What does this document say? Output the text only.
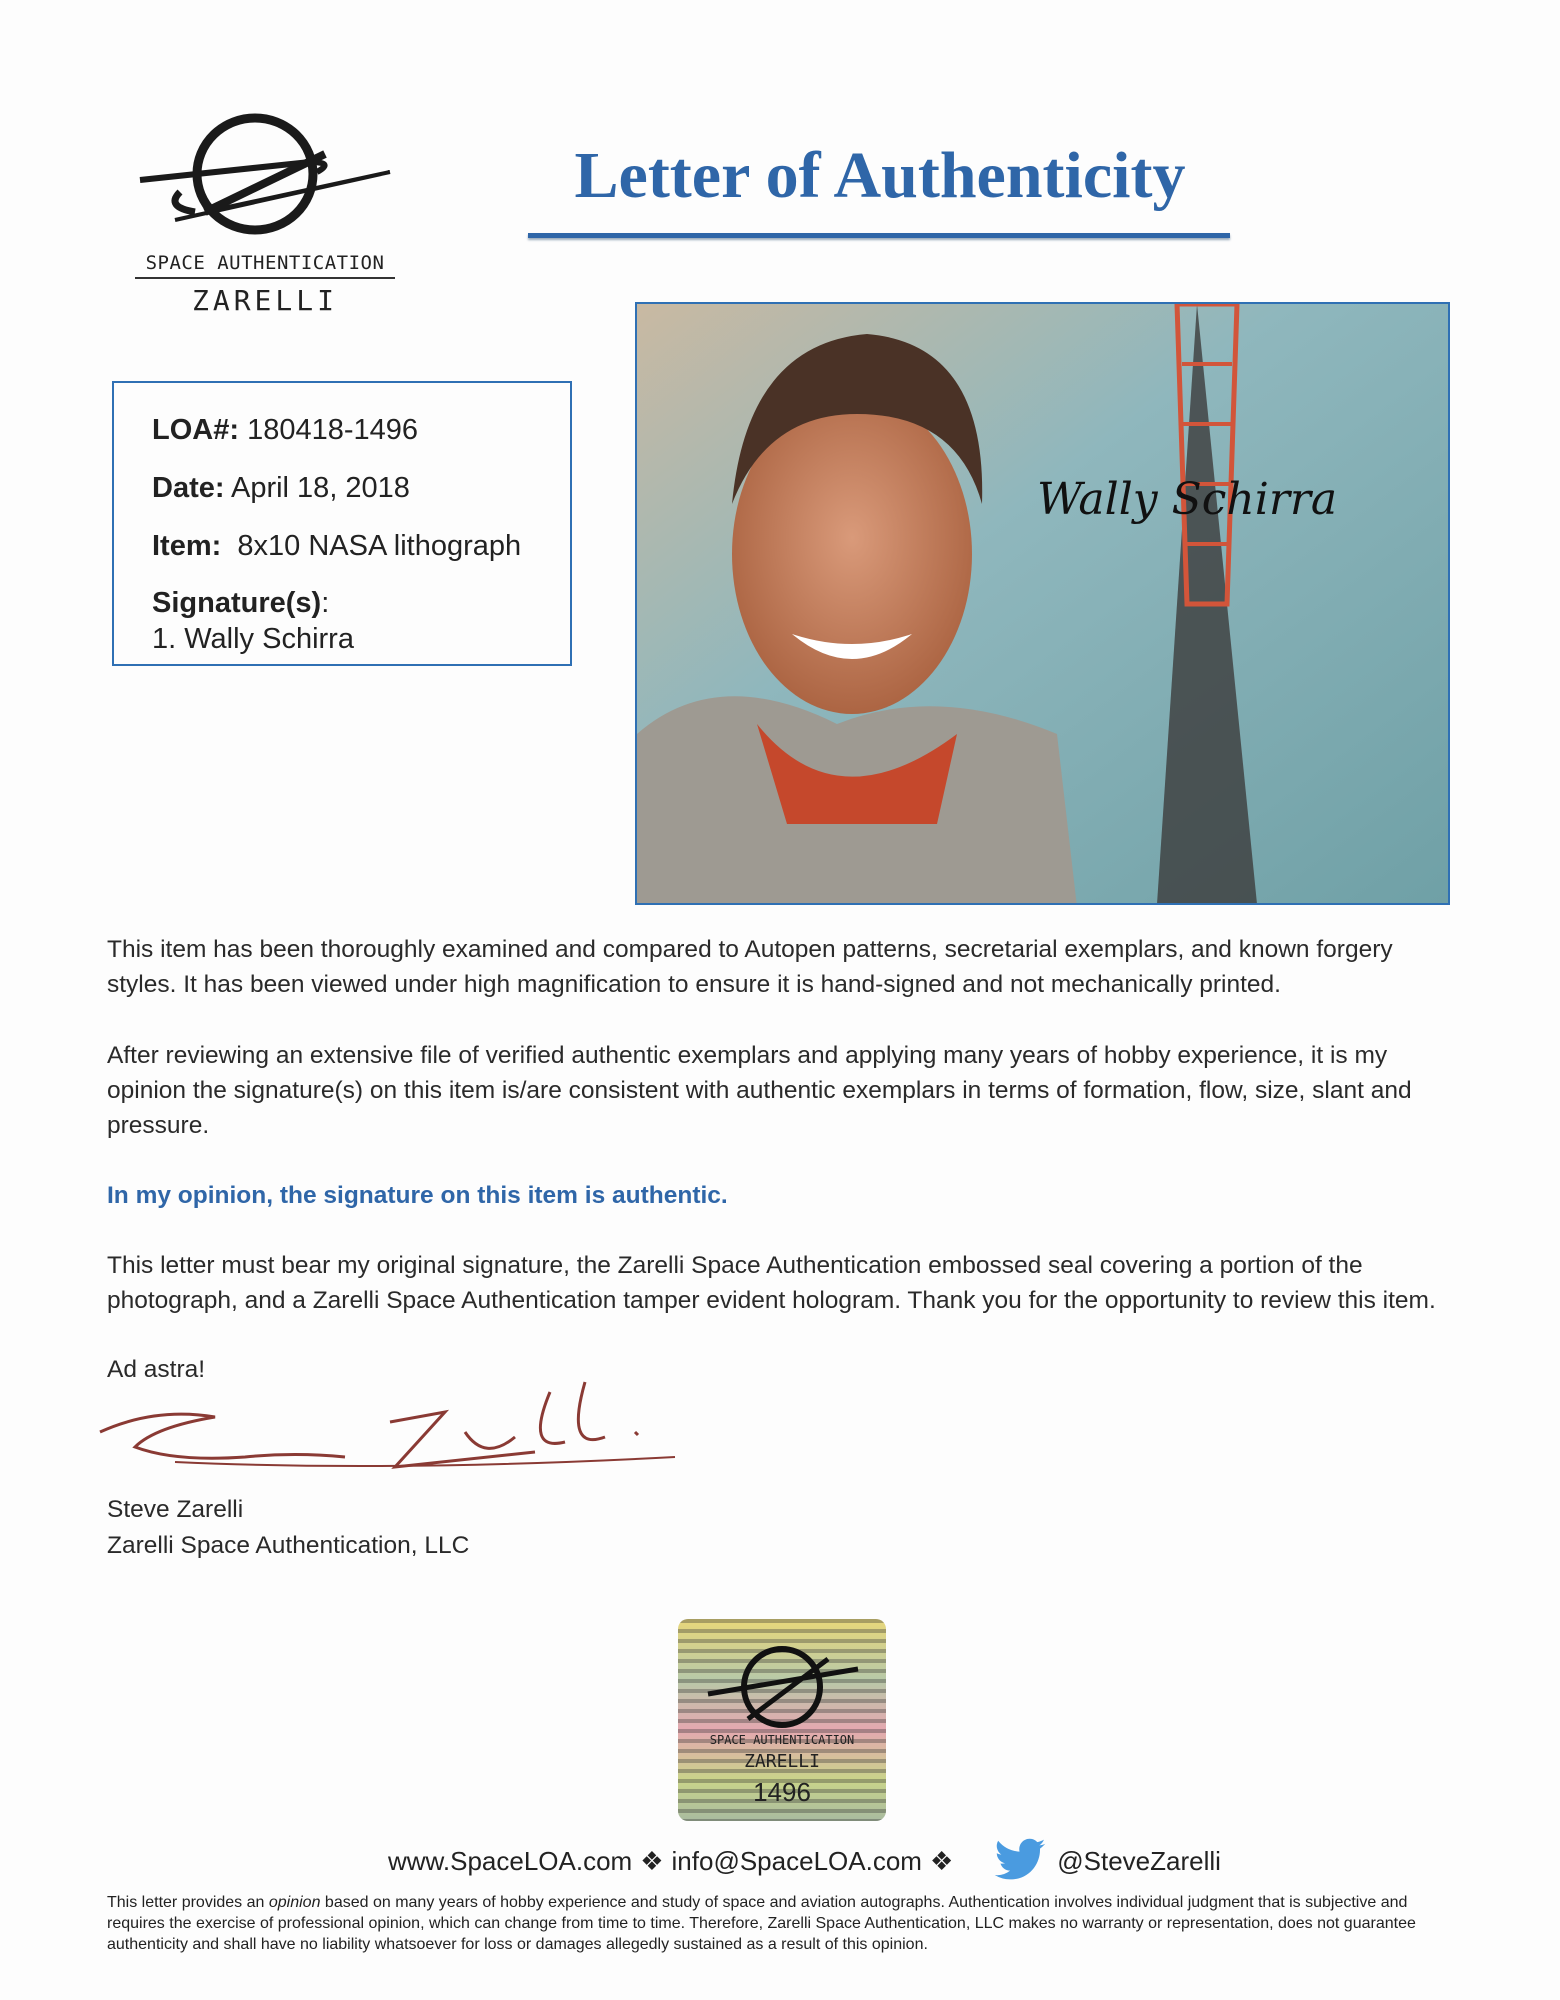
SPACE AUTHENTICATION
ZARELLI
Letter of Authenticity
LOA#: 180418-1496
Date: April 18, 2018
Item: 8x10 NASA lithograph
Signature(s):
1. Wally Schirra
Wally Schirra
This item has been thoroughly examined and compared to Autopen patterns, secretarial exemplars, and known forgery styles. It has been viewed under high magnification to ensure it is hand-signed and not mechanically printed.
After reviewing an extensive file of verified authentic exemplars and applying many years of hobby experience, it is my opinion the signature(s) on this item is/are consistent with authentic exemplars in terms of formation, flow, size, slant and pressure.
In my opinion, the signature on this item is authentic.
This letter must bear my original signature, the Zarelli Space Authentication embossed seal covering a portion of the photograph, and a Zarelli Space Authentication tamper evident hologram. Thank you for the opportunity to review this item.
Ad astra!
Steve Zarelli
Zarelli Space Authentication, LLC
SPACE AUTHENTICATION
ZARELLI
1496
www.SpaceLOA.com ❖ info@SpaceLOA.com ❖	@SteveZarelli
This letter provides an opinion based on many years of hobby experience and study of space and aviation autographs. Authentication involves individual judgment that is subjective and requires the exercise of professional opinion, which can change from time to time. Therefore, Zarelli Space Authentication, LLC makes no warranty or representation, does not guarantee authenticity and shall have no liability whatsoever for loss or damages allegedly sustained as a result of this opinion.
